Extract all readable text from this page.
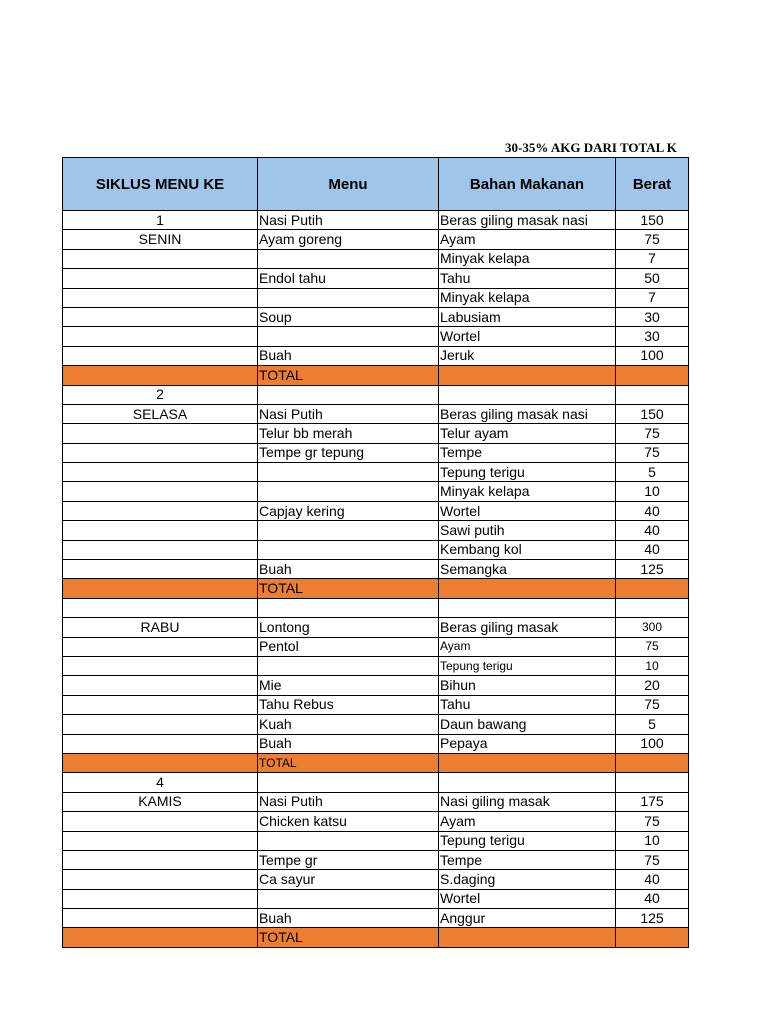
30-35% AKG DARI TOTAL K
SIKLUS MENU KE	Menu	Bahan Makanan	Berat
1	Nasi Putih	Beras giling masak nasi	150
SENIN	Ayam goreng	Ayam	75
		Minyak kelapa	7
	Endol tahu	Tahu	50
		Minyak kelapa	7
	Soup	Labusiam	30
		Wortel	30
	Buah	Jeruk	100
	TOTAL		
2			
SELASA	Nasi Putih	Beras giling masak nasi	150
	Telur bb merah	Telur ayam	75
	Tempe gr tepung	Tempe	75
		Tepung terigu	5
		Minyak kelapa	10
	Capjay kering	Wortel	40
		Sawi putih	40
		Kembang kol	40
	Buah	Semangka	125
	TOTAL		

RABU	Lontong	Beras giling masak	300
	Pentol	Ayam	75
		Tepung terigu	10
	Mie	Bihun	20
	Tahu Rebus	Tahu	75
	Kuah	Daun bawang	5
	Buah	Pepaya	100
	TOTAL		
4			
KAMIS	Nasi Putih	Nasi giling masak	175
	Chicken katsu	Ayam	75
		Tepung terigu	10
	Tempe gr	Tempe	75
	Ca sayur	S.daging	40
		Wortel	40
	Buah	Anggur	125
	TOTAL		
